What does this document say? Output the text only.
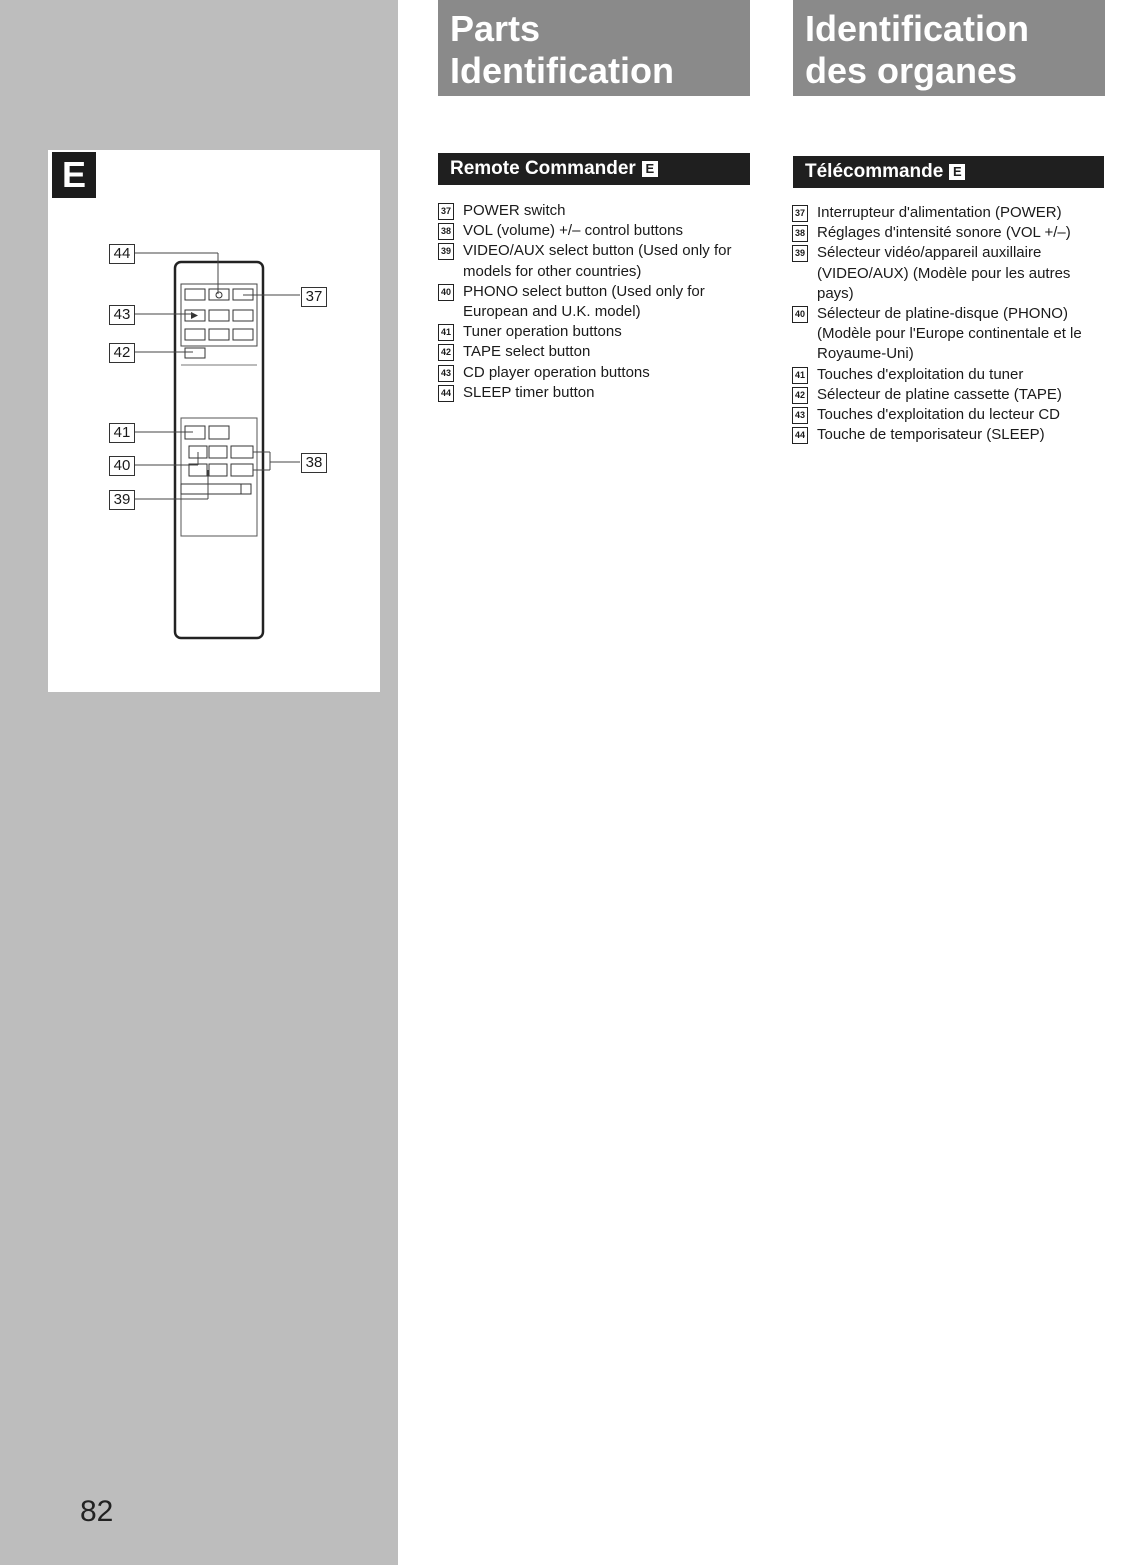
44
43
42
41
40
39
37
38
E
82
Parts
Identification
Remote Commander E
37 POWER switch
38 VOL (volume) +/– control buttons
39 VIDEO/AUX select button (Used only for models for other countries)
40 PHONO select button (Used only for European and U.K. model)
41 Tuner operation buttons
42 TAPE select button
43 CD player operation buttons
44 SLEEP timer button
Identification
des organes
Télécommande E
37 Interrupteur d'alimentation (POWER)
38 Réglages d'intensité sonore (VOL +/–)
39 Sélecteur vidéo/appareil auxillaire (VIDEO/AUX) (Modèle pour les autres pays)
40 Sélecteur de platine-disque (PHONO) (Modèle pour l'Europe continentale et le Royaume-Uni)
41 Touches d'exploitation du tuner
42 Sélecteur de platine cassette (TAPE)
43 Touches d'exploitation du lecteur CD
44 Touche de temporisateur (SLEEP)
